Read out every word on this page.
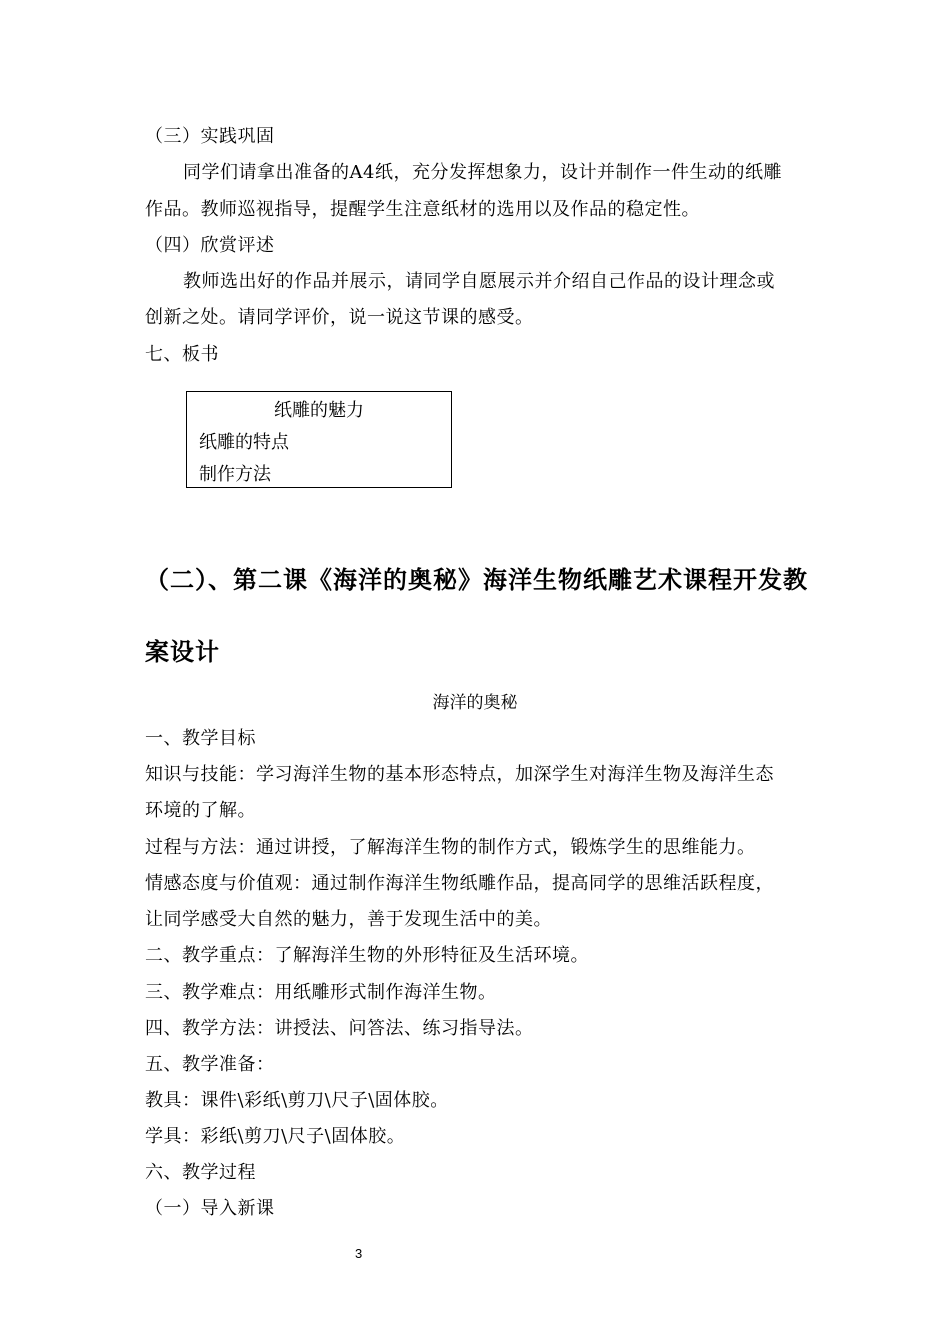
（三）实践巩固
同学们请拿出准备的A4纸，充分发挥想象力，设计并制作一件生动的纸雕
作品。教师巡视指导，提醒学生注意纸材的选用以及作品的稳定性。
（四）欣赏评述
教师选出好的作品并展示，请同学自愿展示并介绍自己作品的设计理念或
创新之处。请同学评价，说一说这节课的感受。
七、板书
纸雕的魅力
纸雕的特点
制作方法
（二）、第二课《海洋的奥秘》海洋生物纸雕艺术课程开发教
案设计
海洋的奥秘
一、教学目标
知识与技能：学习海洋生物的基本形态特点，加深学生对海洋生物及海洋生态
环境的了解。
过程与方法：通过讲授，了解海洋生物的制作方式，锻炼学生的思维能力。
情感态度与价值观：通过制作海洋生物纸雕作品，提高同学的思维活跃程度，
让同学感受大自然的魅力，善于发现生活中的美。
二、教学重点：了解海洋生物的外形特征及生活环境。
三、教学难点：用纸雕形式制作海洋生物。
四、教学方法：讲授法、问答法、练习指导法。
五、教学准备：
教具：课件\彩纸\剪刀\尺子\固体胶。
学具：彩纸\剪刀\尺子\固体胶。
六、教学过程
（一）导入新课
3
